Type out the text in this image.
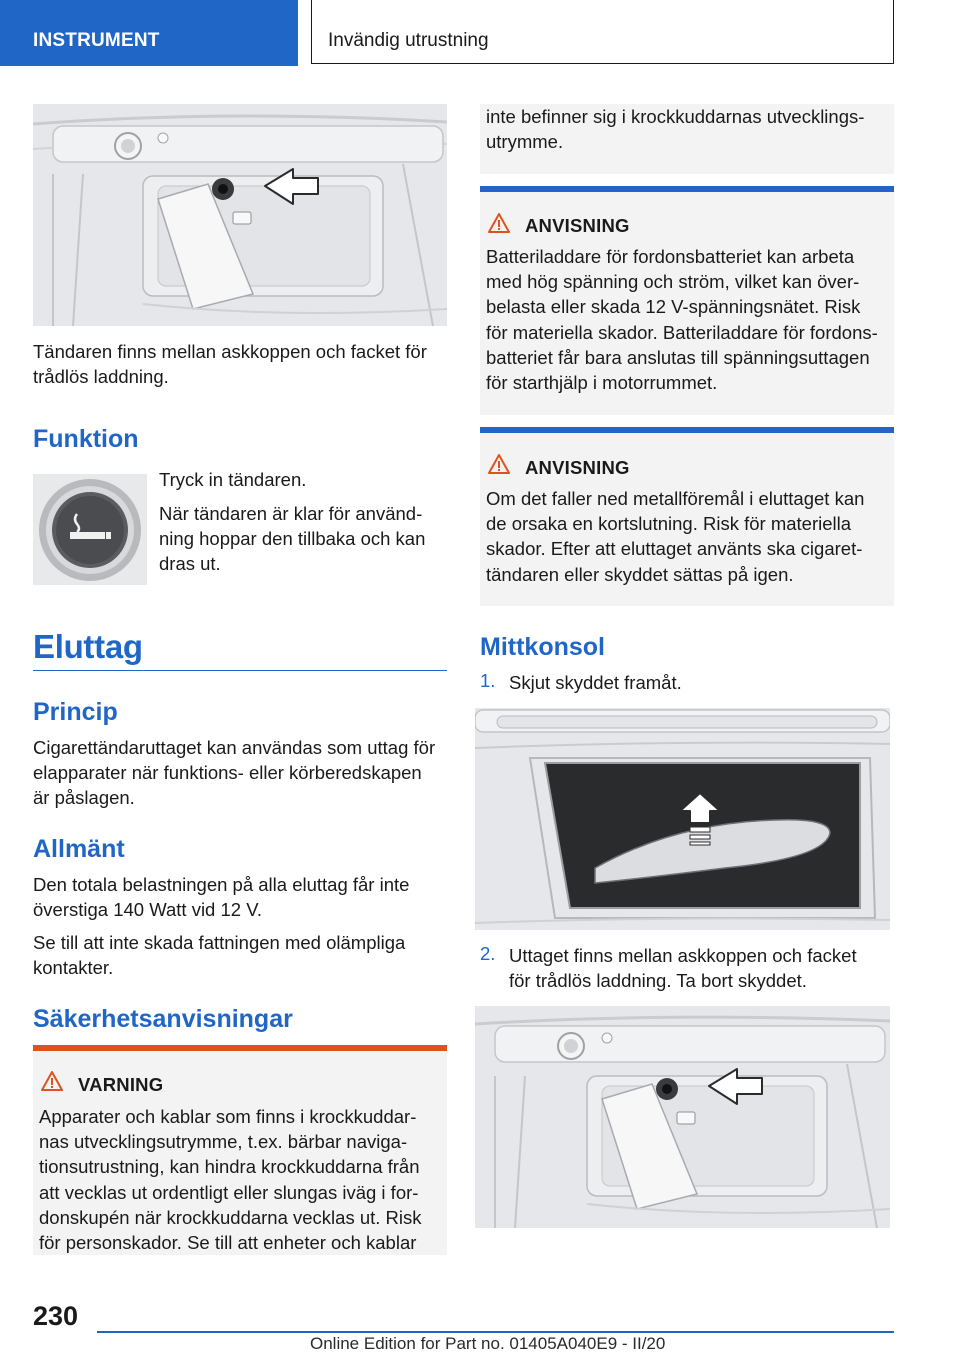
INSTRUMENT	Invändig utrustning
Tändaren finns mellan askkoppen och facket för
trådlös laddning.
Funktion
Tryck in tändaren.
När tändaren är klar för använd-
ning hoppar den tillbaka och kan
dras ut.
Eluttag
Princip
Cigarettändaruttaget kan användas som uttag för
elapparater när funktions- eller körberedskapen
är påslagen.
Allmänt
Den totala belastningen på alla eluttag får inte
överstiga 140 Watt vid 12 V.
Se till att inte skada fattningen med olämpliga
kontakter.
Säkerhetsanvisningar
VARNING
Apparater och kablar som finns i krockkuddar-
nas utvecklingsutrymme, t.ex. bärbar naviga-
tionsutrustning, kan hindra krockkuddarna från
att vecklas ut ordentligt eller slungas iväg i for-
donskupén när krockkuddarna vecklas ut. Risk
för personskador. Se till att enheter och kablar
inte befinner sig i krockkuddarnas utvecklings-
utrymme.
ANVISNING
Batteriladdare för fordonsbatteriet kan arbeta
med hög spänning och ström, vilket kan över-
belasta eller skada 12 V-spänningsnätet. Risk
för materiella skador. Batteriladdare för fordons-
batteriet får bara anslutas till spänningsuttagen
för starthjälp i motorrummet.
ANVISNING
Om det faller ned metallföremål i eluttaget kan
de orsaka en kortslutning. Risk för materiella
skador. Efter att eluttaget använts ska cigaret-
tändaren eller skyddet sättas på igen.
Mittkonsol
1. Skjut skyddet framåt.
2. Uttaget finns mellan askkoppen och facket
för trådlös laddning. Ta bort skyddet.
230
Online Edition for Part no. 01405A040E9 - II/20
